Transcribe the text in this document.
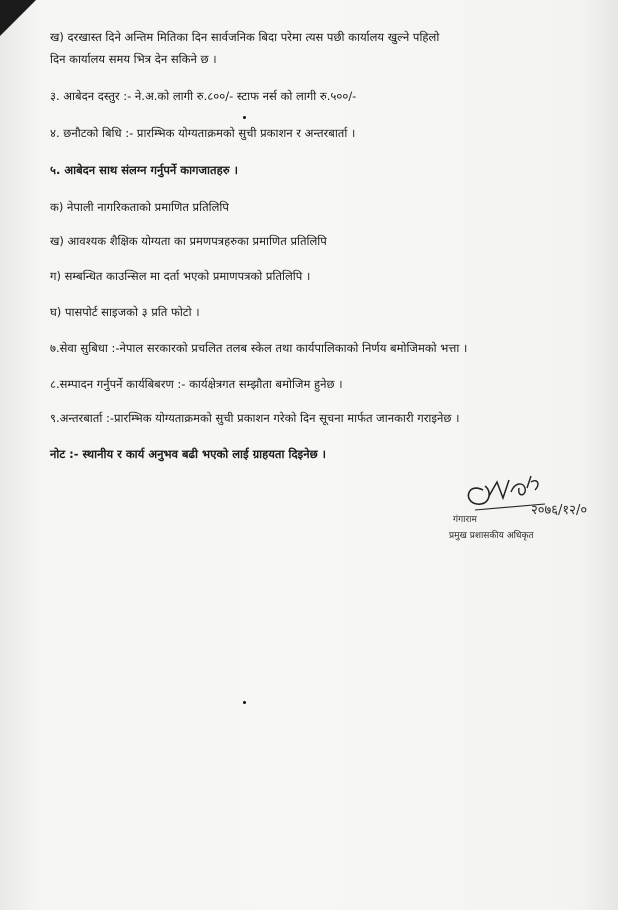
ख) दरखास्त दिने अन्तिम मितिका दिन सार्वजनिक बिदा परेमा त्यस पछी कार्यालय खुल्ने पहिलो
दिन कार्यालय समय भित्र देन सकिने छ ।
३. आबेदन दस्तुर :- ने.अ.को लागी रु.८००/- स्टाफ नर्स को लागी रु.५००/-
४. छनौटको बिधि :- प्रारम्भिक योग्यताक्रमको सुची प्रकाशन र अन्तरबार्ता ।
५. आबेदन साथ संलग्न गर्नुपर्ने कागजातहरु ।
क) नेपाली नागरिकताको प्रमाणित प्रतिलिपि
ख) आवश्यक शैक्षिक योग्यता का प्रमणपत्रहरुका प्रमाणित प्रतिलिपि
ग) सम्बन्धित काउन्सिल मा दर्ता भएको प्रमाणपत्रको प्रतिलिपि ।
घ) पासपोर्ट साइजको ३ प्रति फोटो ।
७.सेवा सुबिधा :-नेपाल सरकारको प्रचलित तलब स्केल तथा कार्यपालिकाको निर्णय बमोजिमको भत्ता ।
८.सम्पादन गर्नुपर्ने कार्यबिबरण :- कार्यक्षेत्रगत सम्झौता बमोजिम हुनेछ ।
९.अन्तरबार्ता :-प्रारम्भिक योग्यताक्रमको सुची प्रकाशन गरेको दिन सूचना मार्फत जानकारी गराइनेछ ।
नोट :- स्थानीय र कार्य अनुभव बढी भएको लाई ग्राहयता दिइनेछ ।
२०७६/१२/०
गंगाराम
प्रमुख प्रशासकीय अधिकृत
